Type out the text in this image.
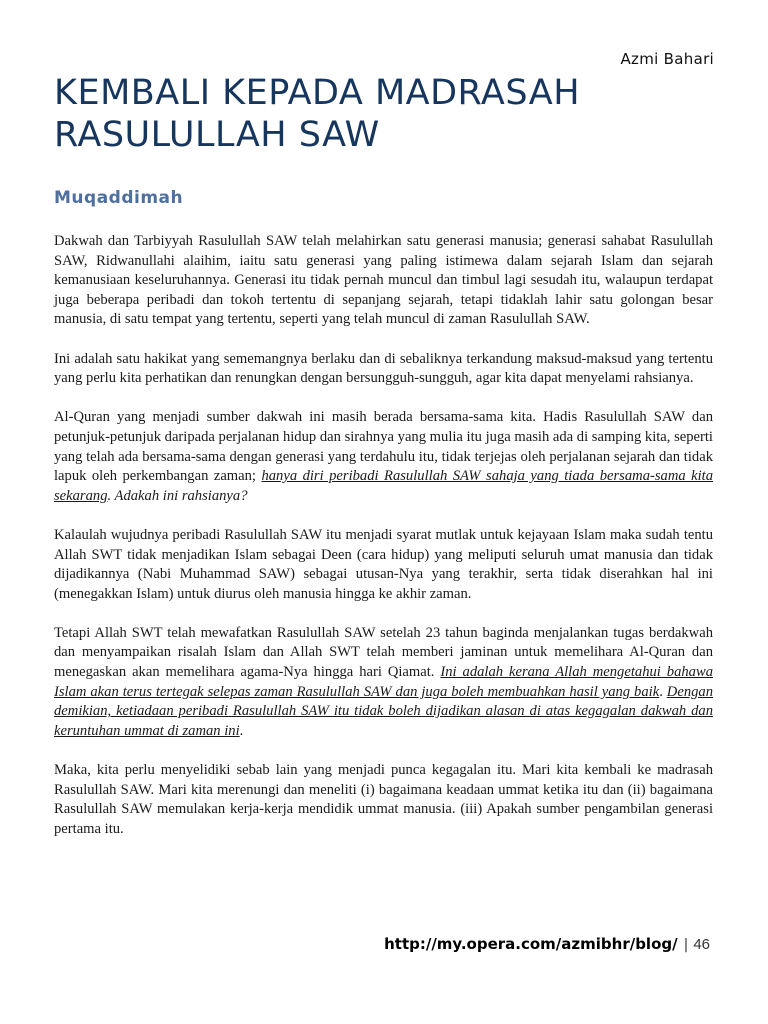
Azmi Bahari
KEMBALI KEPADA MADRASAH RASULULLAH SAW
Muqaddimah

Dakwah dan Tarbiyyah Rasulullah SAW telah melahirkan satu generasi manusia; generasi sahabat Rasulullah SAW, Ridwanullahi alaihim, iaitu satu generasi yang paling istimewa dalam sejarah Islam dan sejarah kemanusiaan keseluruhannya. Generasi itu tidak pernah muncul dan timbul lagi sesudah itu, walaupun terdapat juga beberapa peribadi dan tokoh tertentu di sepanjang sejarah, tetapi tidaklah lahir satu golongan besar manusia, di satu tempat yang tertentu, seperti yang telah muncul di zaman Rasulullah SAW.

Ini adalah satu hakikat yang sememangnya berlaku dan di sebaliknya terkandung maksud-maksud yang tertentu yang perlu kita perhatikan dan renungkan dengan bersungguh-sungguh, agar kita dapat menyelami rahsianya.

Al-Quran yang menjadi sumber dakwah ini masih berada bersama-sama kita. Hadis Rasulullah SAW dan petunjuk-petunjuk daripada perjalanan hidup dan sirahnya yang mulia itu juga masih ada di samping kita, seperti yang telah ada bersama-sama dengan generasi yang terdahulu itu, tidak terjejas oleh perjalanan sejarah dan tidak lapuk oleh perkembangan zaman; hanya diri peribadi Rasulullah SAW sahaja yang tiada bersama-sama kita sekarang. Adakah ini rahsianya?

Kalaulah wujudnya peribadi Rasulullah SAW itu menjadi syarat mutlak untuk kejayaan Islam maka sudah tentu Allah SWT tidak menjadikan Islam sebagai Deen (cara hidup) yang meliputi seluruh umat manusia dan tidak dijadikannya (Nabi Muhammad SAW) sebagai utusan-Nya yang terakhir, serta tidak diserahkan hal ini (menegakkan Islam) untuk diurus oleh manusia hingga ke akhir zaman.

Tetapi Allah SWT telah mewafatkan Rasulullah SAW setelah 23 tahun baginda menjalankan tugas berdakwah dan menyampaikan risalah Islam dan Allah SWT telah memberi jaminan untuk memelihara Al-Quran dan menegaskan akan memelihara agama-Nya hingga hari Qiamat. Ini adalah kerana Allah mengetahui bahawa Islam akan terus tertegak selepas zaman Rasulullah SAW dan juga boleh membuahkan hasil yang baik. Dengan demikian, ketiadaan peribadi Rasulullah SAW itu tidak boleh dijadikan alasan di atas kegagalan dakwah dan keruntuhan ummat di zaman ini.

Maka, kita perlu menyelidiki sebab lain yang menjadi punca kegagalan itu. Mari kita kembali ke madrasah Rasulullah SAW. Mari kita merenungi dan meneliti (i) bagaimana keadaan ummat ketika itu dan (ii) bagaimana Rasulullah SAW memulakan kerja-kerja mendidik ummat manusia. (iii) Apakah sumber pengambilan generasi pertama itu.

http://my.opera.com/azmibhr/blog/ | 46
